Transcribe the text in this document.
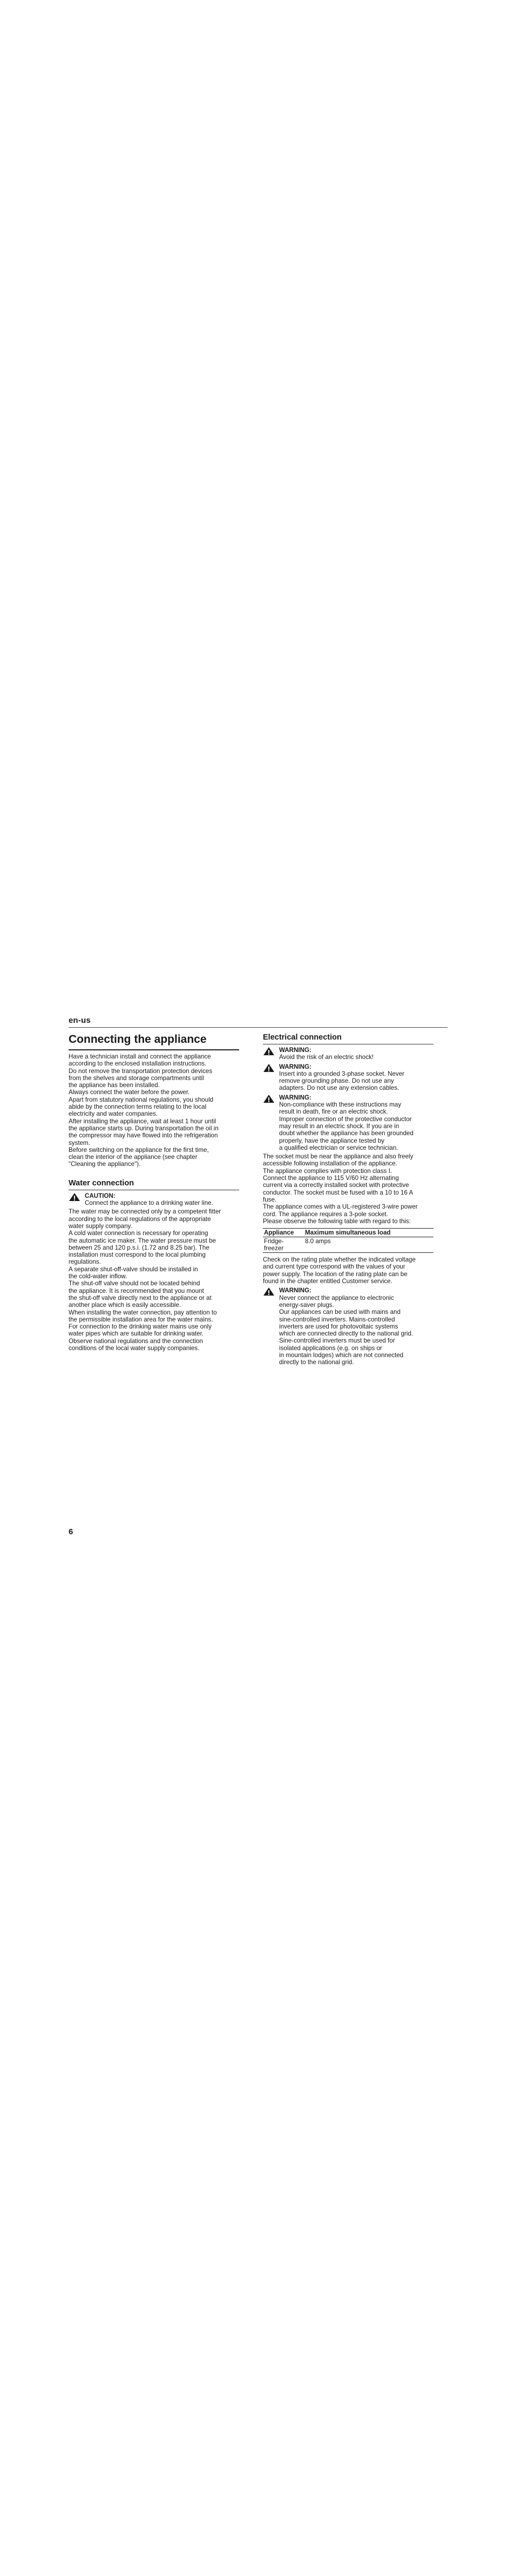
en-us
Connecting the appliance
Have a technician install and connect the appliance
according to the enclosed installation instructions.
Do not remove the transportation protection devices
from the shelves and storage compartments until
the appliance has been installed.
Always connect the water before the power.
Apart from statutory national regulations, you should
abide by the connection terms relating to the local
electricity and water companies.
After installing the appliance, wait at least 1 hour until
the appliance starts up. During transportation the oil in
the compressor may have flowed into the refrigeration
system.
Before switching on the appliance for the first time,
clean the interior of the appliance (see chapter
"Cleaning the appliance").
Water connection
CAUTION:
Connect the appliance to a drinking water line.
The water may be connected only by a competent fitter
according to the local regulations of the appropriate
water supply company.
A cold water connection is necessary for operating
the automatic ice maker. The water pressure must be
between 25 and 120 p.s.i. (1.72 and 8.25 bar). The
installation must correspond to the local plumbing
regulations.
A separate shut-off-valve should be installed in
the cold-water inflow.
The shut-off valve should not be located behind
the appliance. It is recommended that you mount
the shut-off valve directly next to the appliance or at
another place which is easily accessible.
When installing the water connection, pay attention to
the permissible installation area for the water mains.
For connection to the drinking water mains use only
water pipes which are suitable for drinking water.
Observe national regulations and the connection
conditions of the local water supply companies.
Electrical connection
WARNING:
Avoid the risk of an electric shock!
WARNING:
Insert into a grounded 3-phase socket. Never
remove grounding phase. Do not use any
adapters. Do not use any extension cables.
WARNING:
Non-compliance with these instructions may
result in death, fire or an electric shock.
Improper connection of the protective conductor
may result in an electric shock. If you are in
doubt whether the appliance has been grounded
properly, have the appliance tested by
a qualified electrician or service technician.
The socket must be near the appliance and also freely
accessible following installation of the appliance.
The appliance complies with protection class I.
Connect the appliance to 115 V/60 Hz alternating
current via a correctly installed socket with protective
conductor. The socket must be fused with a 10 to 16 A
fuse.
The appliance comes with a UL-registered 3-wire power
cord. The appliance requires a 3-pole socket.
Please observe the following table with regard to this:
Appliance	Maximum simultaneous load

Fridge-
freezer	8.0 amps
Check on the rating plate whether the indicated voltage
and current type correspond with the values of your
power supply. The location of the rating plate can be
found in the chapter entitled Customer service.
WARNING:
Never connect the appliance to electronic
energy-saver plugs.
Our appliances can be used with mains and
sine-controlled inverters. Mains-controlled
inverters are used for photovoltaic systems
which are connected directly to the national grid.
Sine-controlled inverters must be used for
isolated applications (e.g. on ships or
in mountain lodges) which are not connected
directly to the national grid.
6
